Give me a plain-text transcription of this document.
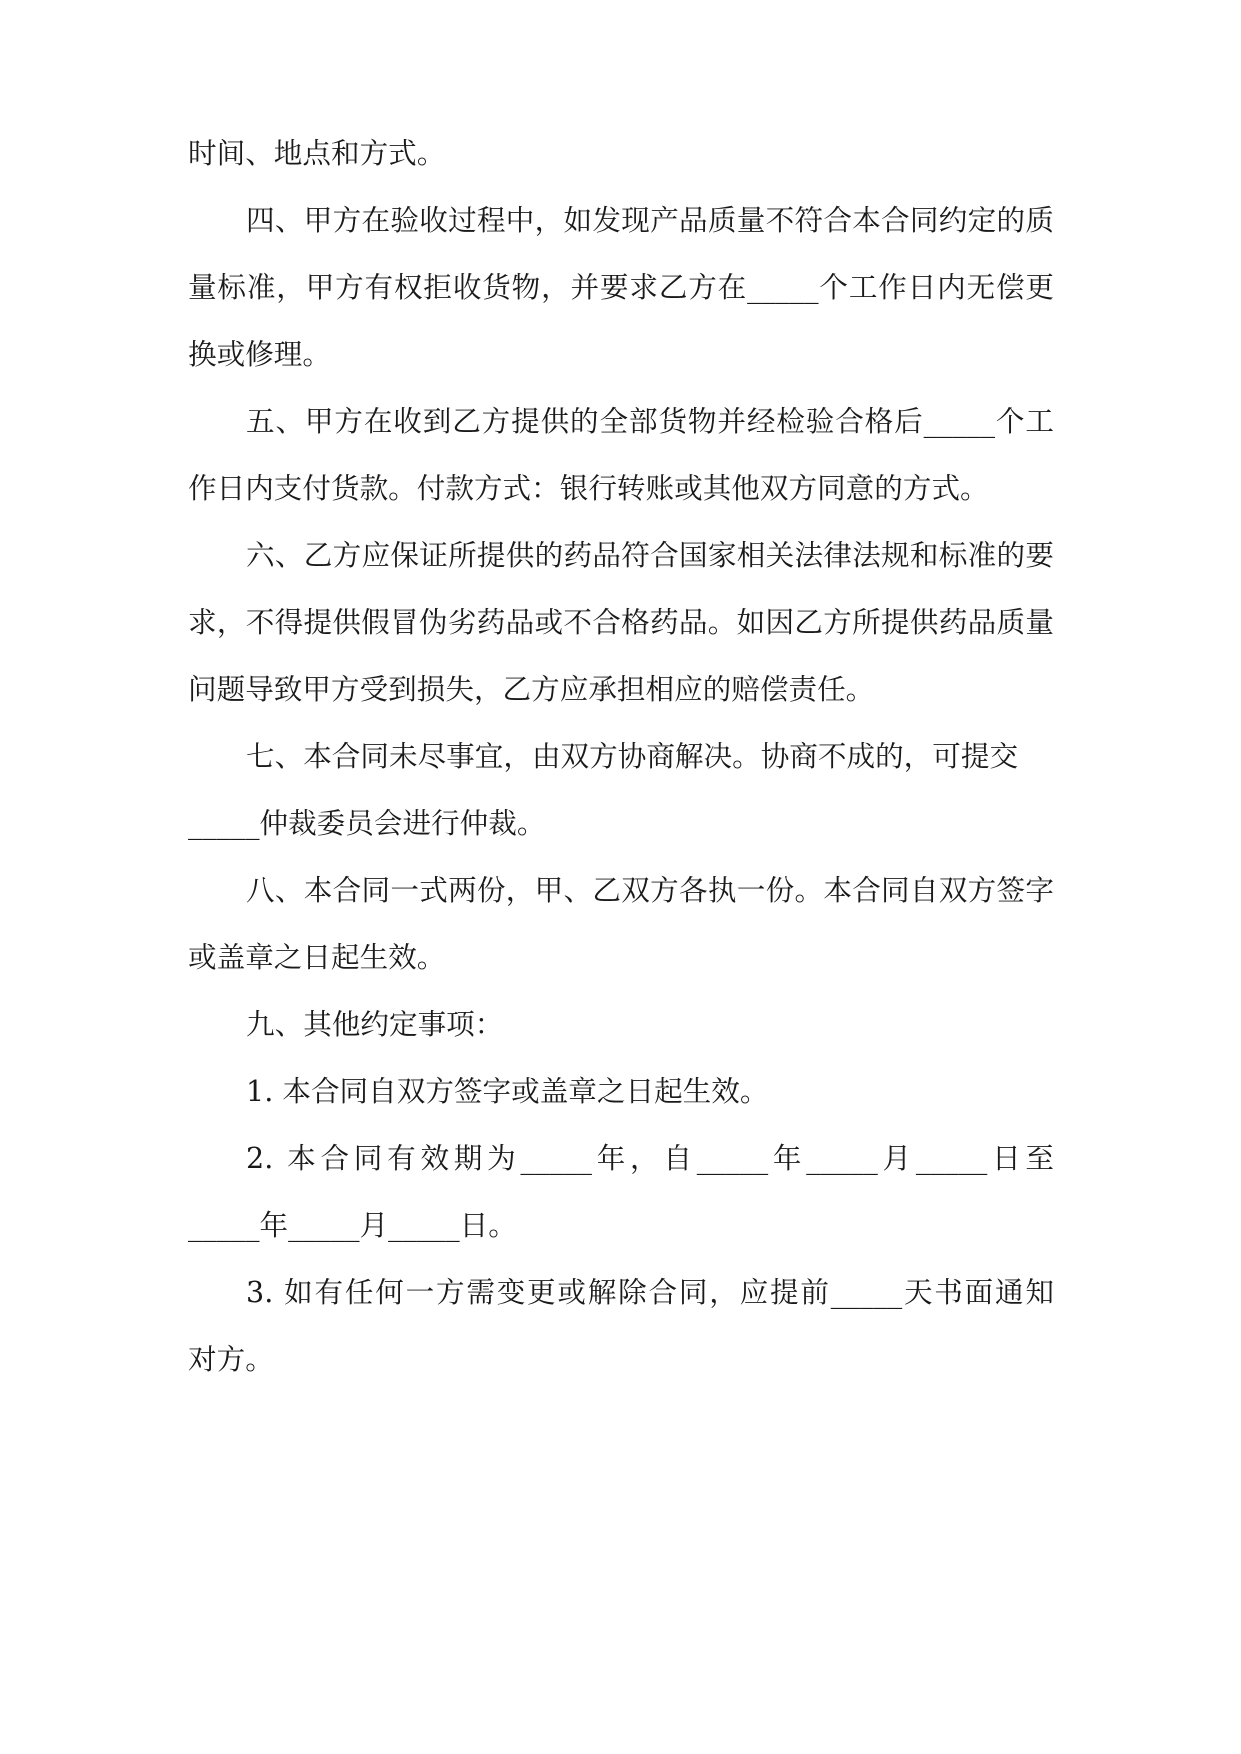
时间、地点和方式。
四、甲方在验收过程中，如发现产品质量不符合本合同约定的质
量标准，甲方有权拒收货物，并要求乙方在_____个工作日内无偿更
换或修理。
五、甲方在收到乙方提供的全部货物并经检验合格后_____个工
作日内支付货款。付款方式：银行转账或其他双方同意的方式。
六、乙方应保证所提供的药品符合国家相关法律法规和标准的要
求，不得提供假冒伪劣药品或不合格药品。如因乙方所提供药品质量
问题导致甲方受到损失，乙方应承担相应的赔偿责任。
七、本合同未尽事宜，由双方协商解决。协商不成的，可提交
_____仲裁委员会进行仲裁。
八、本合同一式两份，甲、乙双方各执一份。本合同自双方签字
或盖章之日起生效。
九、其他约定事项：
1. 本合同自双方签字或盖章之日起生效。
2. 本合同有效期为_____年，自_____年_____月_____日至
_____年_____月_____日。
3. 如有任何一方需变更或解除合同，应提前_____天书面通知
对方。
